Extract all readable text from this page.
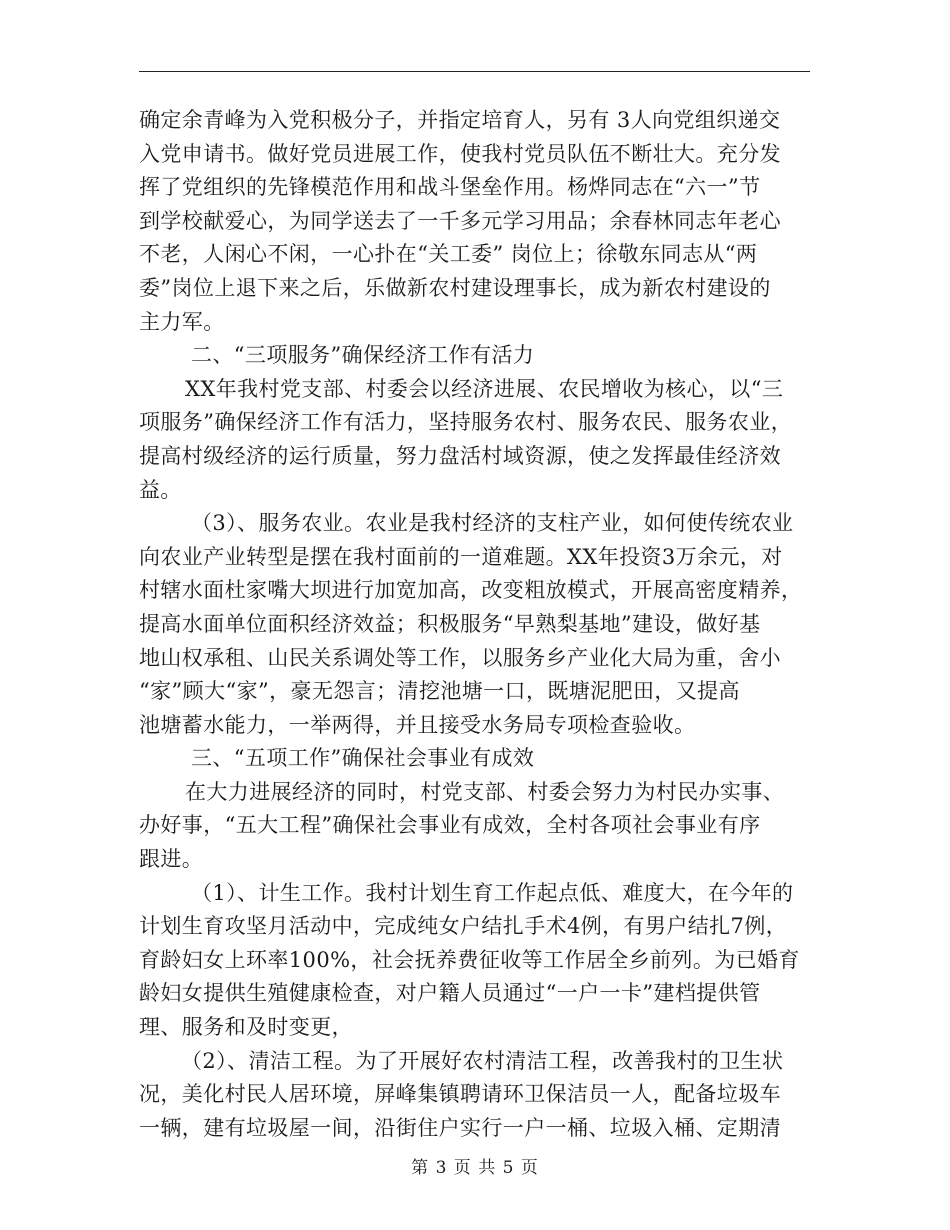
确定余青峰为入党积极分子，并指定培育人，另有 3人向党组织递交
入党申请书。做好党员进展工作，使我村党员队伍不断壮大。充分发
挥了党组织的先锋模范作用和战斗堡垒作用。杨烨同志在“六一”节
到学校献爱心，为同学送去了一千多元学习用品；余春林同志年老心
不老，人闲心不闲，一心扑在“关工委” 岗位上；徐敬东同志从“两
委”岗位上退下来之后，乐做新农村建设理事长，成为新农村建设的
主力军。
二、“三项服务”确保经济工作有活力
XX年我村党支部、村委会以经济进展、农民增收为核心，以“三
项服务”确保经济工作有活力，坚持服务农村、服务农民、服务农业，
提高村级经济的运行质量，努力盘活村域资源，使之发挥最佳经济效
益。
（3）、服务农业。农业是我村经济的支柱产业，如何使传统农业
向农业产业转型是摆在我村面前的一道难题。XX年投资3万余元，对
村辖水面杜家嘴大坝进行加宽加高，改变粗放模式，开展高密度精养，
提高水面单位面积经济效益；积极服务“早熟梨基地”建设，做好基
地山权承租、山民关系调处等工作，以服务乡产业化大局为重，舍小
“家”顾大“家”，豪无怨言；清挖池塘一口，既塘泥肥田，又提高
池塘蓄水能力，一举两得，并且接受水务局专项检查验收。
三、“五项工作”确保社会事业有成效
在大力进展经济的同时，村党支部、村委会努力为村民办实事、
办好事，“五大工程”确保社会事业有成效，全村各项社会事业有序
跟进。
（1）、计生工作。我村计划生育工作起点低、难度大，在今年的
计划生育攻坚月活动中，完成纯女户结扎手术4例，有男户结扎7例，
育龄妇女上环率100%，社会抚养费征收等工作居全乡前列。为已婚育
龄妇女提供生殖健康检查，对户籍人员通过“一户一卡”建档提供管
理、服务和及时变更，
（2）、清洁工程。为了开展好农村清洁工程，改善我村的卫生状
况，美化村民人居环境，屏峰集镇聘请环卫保洁员一人，配备垃圾车
一辆，建有垃圾屋一间，沿街住户实行一户一桶、垃圾入桶、定期清
第 3 页 共 5 页
